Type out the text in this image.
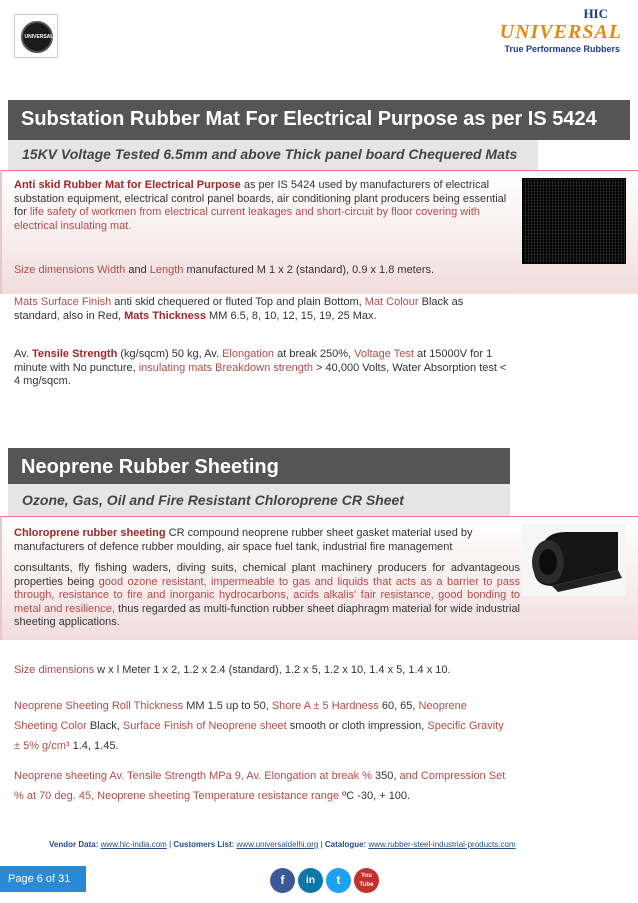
UNIVERSAL
HIC
UNIVERSAL
True Performance Rubbers
Substation Rubber Mat For Electrical Purpose as per IS 5424
15KV Voltage Tested 6.5mm and above Thick panel board Chequered Mats
Anti skid Rubber Mat for Electrical Purpose as per IS 5424 used by manufacturers of electrical substation equipment, electrical control panel boards, air conditioning plant producers being essential for life safety of workmen from electrical current leakages and short-circuit by floor covering with electrical insulating mat.
Size dimensions Width and Length manufactured M 1 x 2 (standard), 0.9 x 1.8 meters.
Mats Surface Finish anti skid chequered or fluted Top and plain Bottom, Mat Colour Black as standard, also in Red, Mats Thickness MM 6.5, 8, 10, 12, 15, 19, 25 Max.
Av. Tensile Strength (kg/sqcm) 50 kg, Av. Elongation at break 250%, Voltage Test at 15000V for 1 minute with No puncture, insulating mats Breakdown strength > 40,000 Volts, Water Absorption test < 4 mg/sqcm.
Neoprene Rubber Sheeting
Ozone, Gas, Oil and Fire Resistant Chloroprene CR Sheet
Chloroprene rubber sheeting CR compound neoprene rubber sheet gasket material used by manufacturers of defence rubber moulding, air space fuel tank, industrial fire management
consultants, fly fishing waders, diving suits, chemical plant machinery producers for advantageous properties being good ozone resistant, impermeable to gas and liquids that acts as a barrier to pass through, resistance to fire and inorganic hydrocarbons, acids alkalis' fair resistance, good bonding to metal and resilience, thus regarded as multi-function rubber sheet diaphragm material for wide industrial sheeting applications.
Size dimensions w x l Meter 1 x 2, 1.2 x 2.4 (standard), 1.2 x 5, 1.2 x 10, 1.4 x 5, 1.4 x 10.
Neoprene Sheeting Roll Thickness MM 1.5 up to 50, Shore A ± 5 Hardness 60, 65, Neoprene Sheeting Color Black, Surface Finish of Neoprene sheet smooth or cloth impression, Specific Gravity ± 5% g/cm³ 1.4, 1.45.
Neoprene sheeting Av. Tensile Strength MPa 9, Av. Elongation at break % 350, and Compression Set % at 70 deg. 45, Neoprene sheeting Temperature resistance range ºC -30, + 100.
Vendor Data: www.hic-india.com | Customers List: www.universaldelhi.org | Catalogue: www.rubber-steel-industrial-products.com
Page 6 of 31	f	in	t	You Tube
